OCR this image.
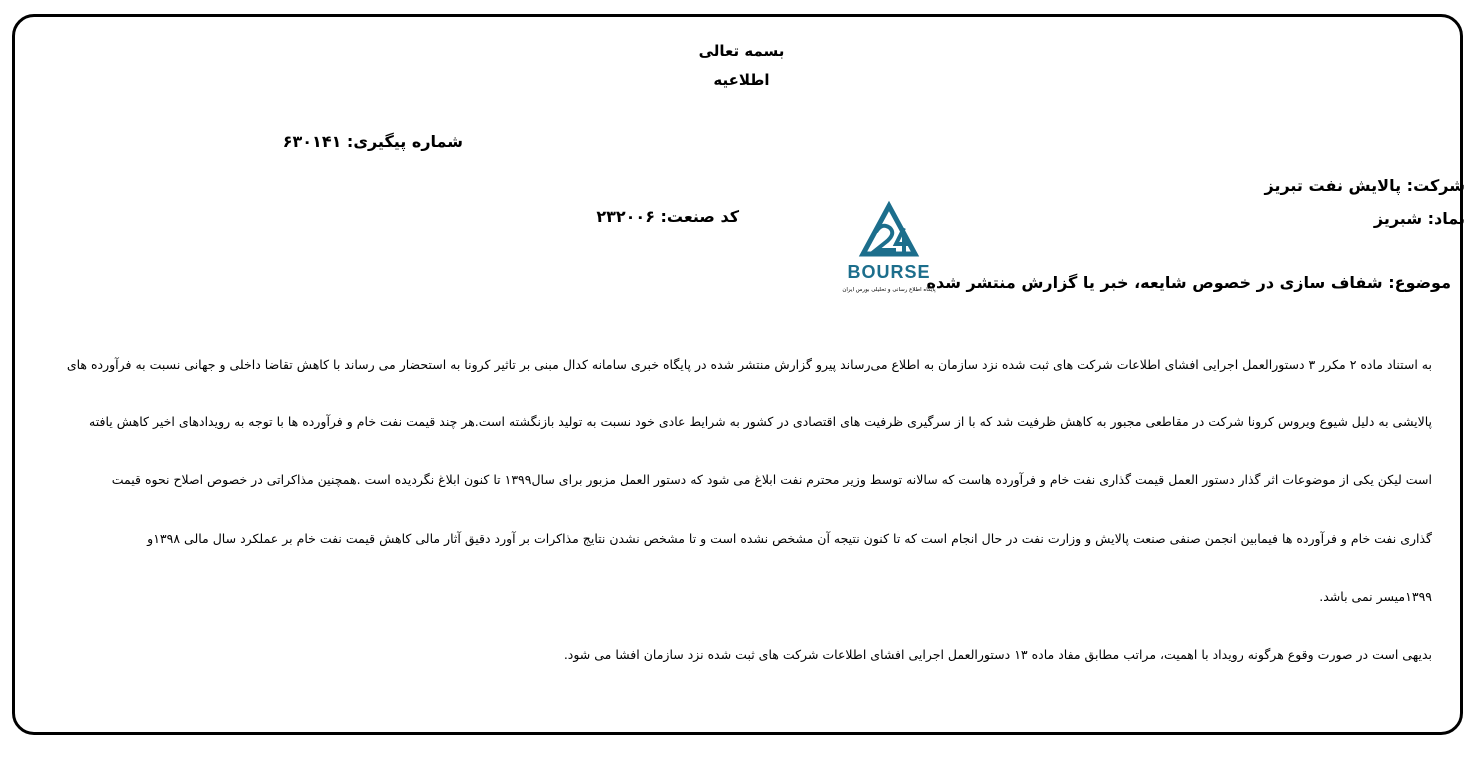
بسمه تعالی
اطلاعیه
شماره پیگیری: ۶۳۰۱۴۱
شرکت: پالایش نفت تبریز
نماد: شبریز
کد صنعت: ۲۳۲۰۰۶
موضوع: شفاف سازی در خصوص شایعه، خبر یا گزارش منتشر شده
BOURSE
پایگاه اطلاع رسانی و تحلیلی بورس ایران
به استناد ماده ۲ مکرر ۳ دستورالعمل اجرایی افشای اطلاعات شرکت های ثبت شده نزد سازمان به اطلاع می‌رساند پیرو گزارش منتشر شده در پایگاه خبری سامانه کدال مبنی بر تاثیر کرونا به استحضار می رساند با کاهش تقاضا داخلی و جهانی نسبت به فرآورده های
پالایشی به دلیل شیوع ویروس کرونا شرکت در مقاطعی مجبور به کاهش ظرفیت شد که با از سرگیری ظرفیت های اقتصادی در کشور به شرایط عادی خود نسبت به تولید بازنگشته است.هر چند قیمت نفت خام و فرآورده ها با توجه به رویدادهای اخیر کاهش یافته
است لیکن یکی از موضوعات اثر گذار دستور العمل قیمت گذاری نفت خام و فرآورده هاست که سالانه توسط وزیر محترم نفت ابلاغ می شود که دستور العمل مزبور برای سال۱۳۹۹ تا کنون ابلاغ نگردیده است .همچنین مذاکراتی در خصوص اصلاح نحوه قیمت
گذاری نفت خام و فرآورده ها فیمابین انجمن صنفی صنعت پالایش و وزارت نفت در حال انجام است که تا کنون نتیجه آن مشخص نشده است و تا مشخص نشدن نتایج مذاکرات بر آورد دقیق آثار مالی کاهش قیمت نفت خام بر عملکرد سال مالی ۱۳۹۸و
۱۳۹۹میسر نمی باشد.
بدیهی است در صورت وقوع هرگونه رویداد با اهمیت، مراتب مطابق مفاد ماده ۱۳ دستورالعمل اجرایی افشای اطلاعات شرکت های ثبت شده نزد سازمان افشا می شود.
